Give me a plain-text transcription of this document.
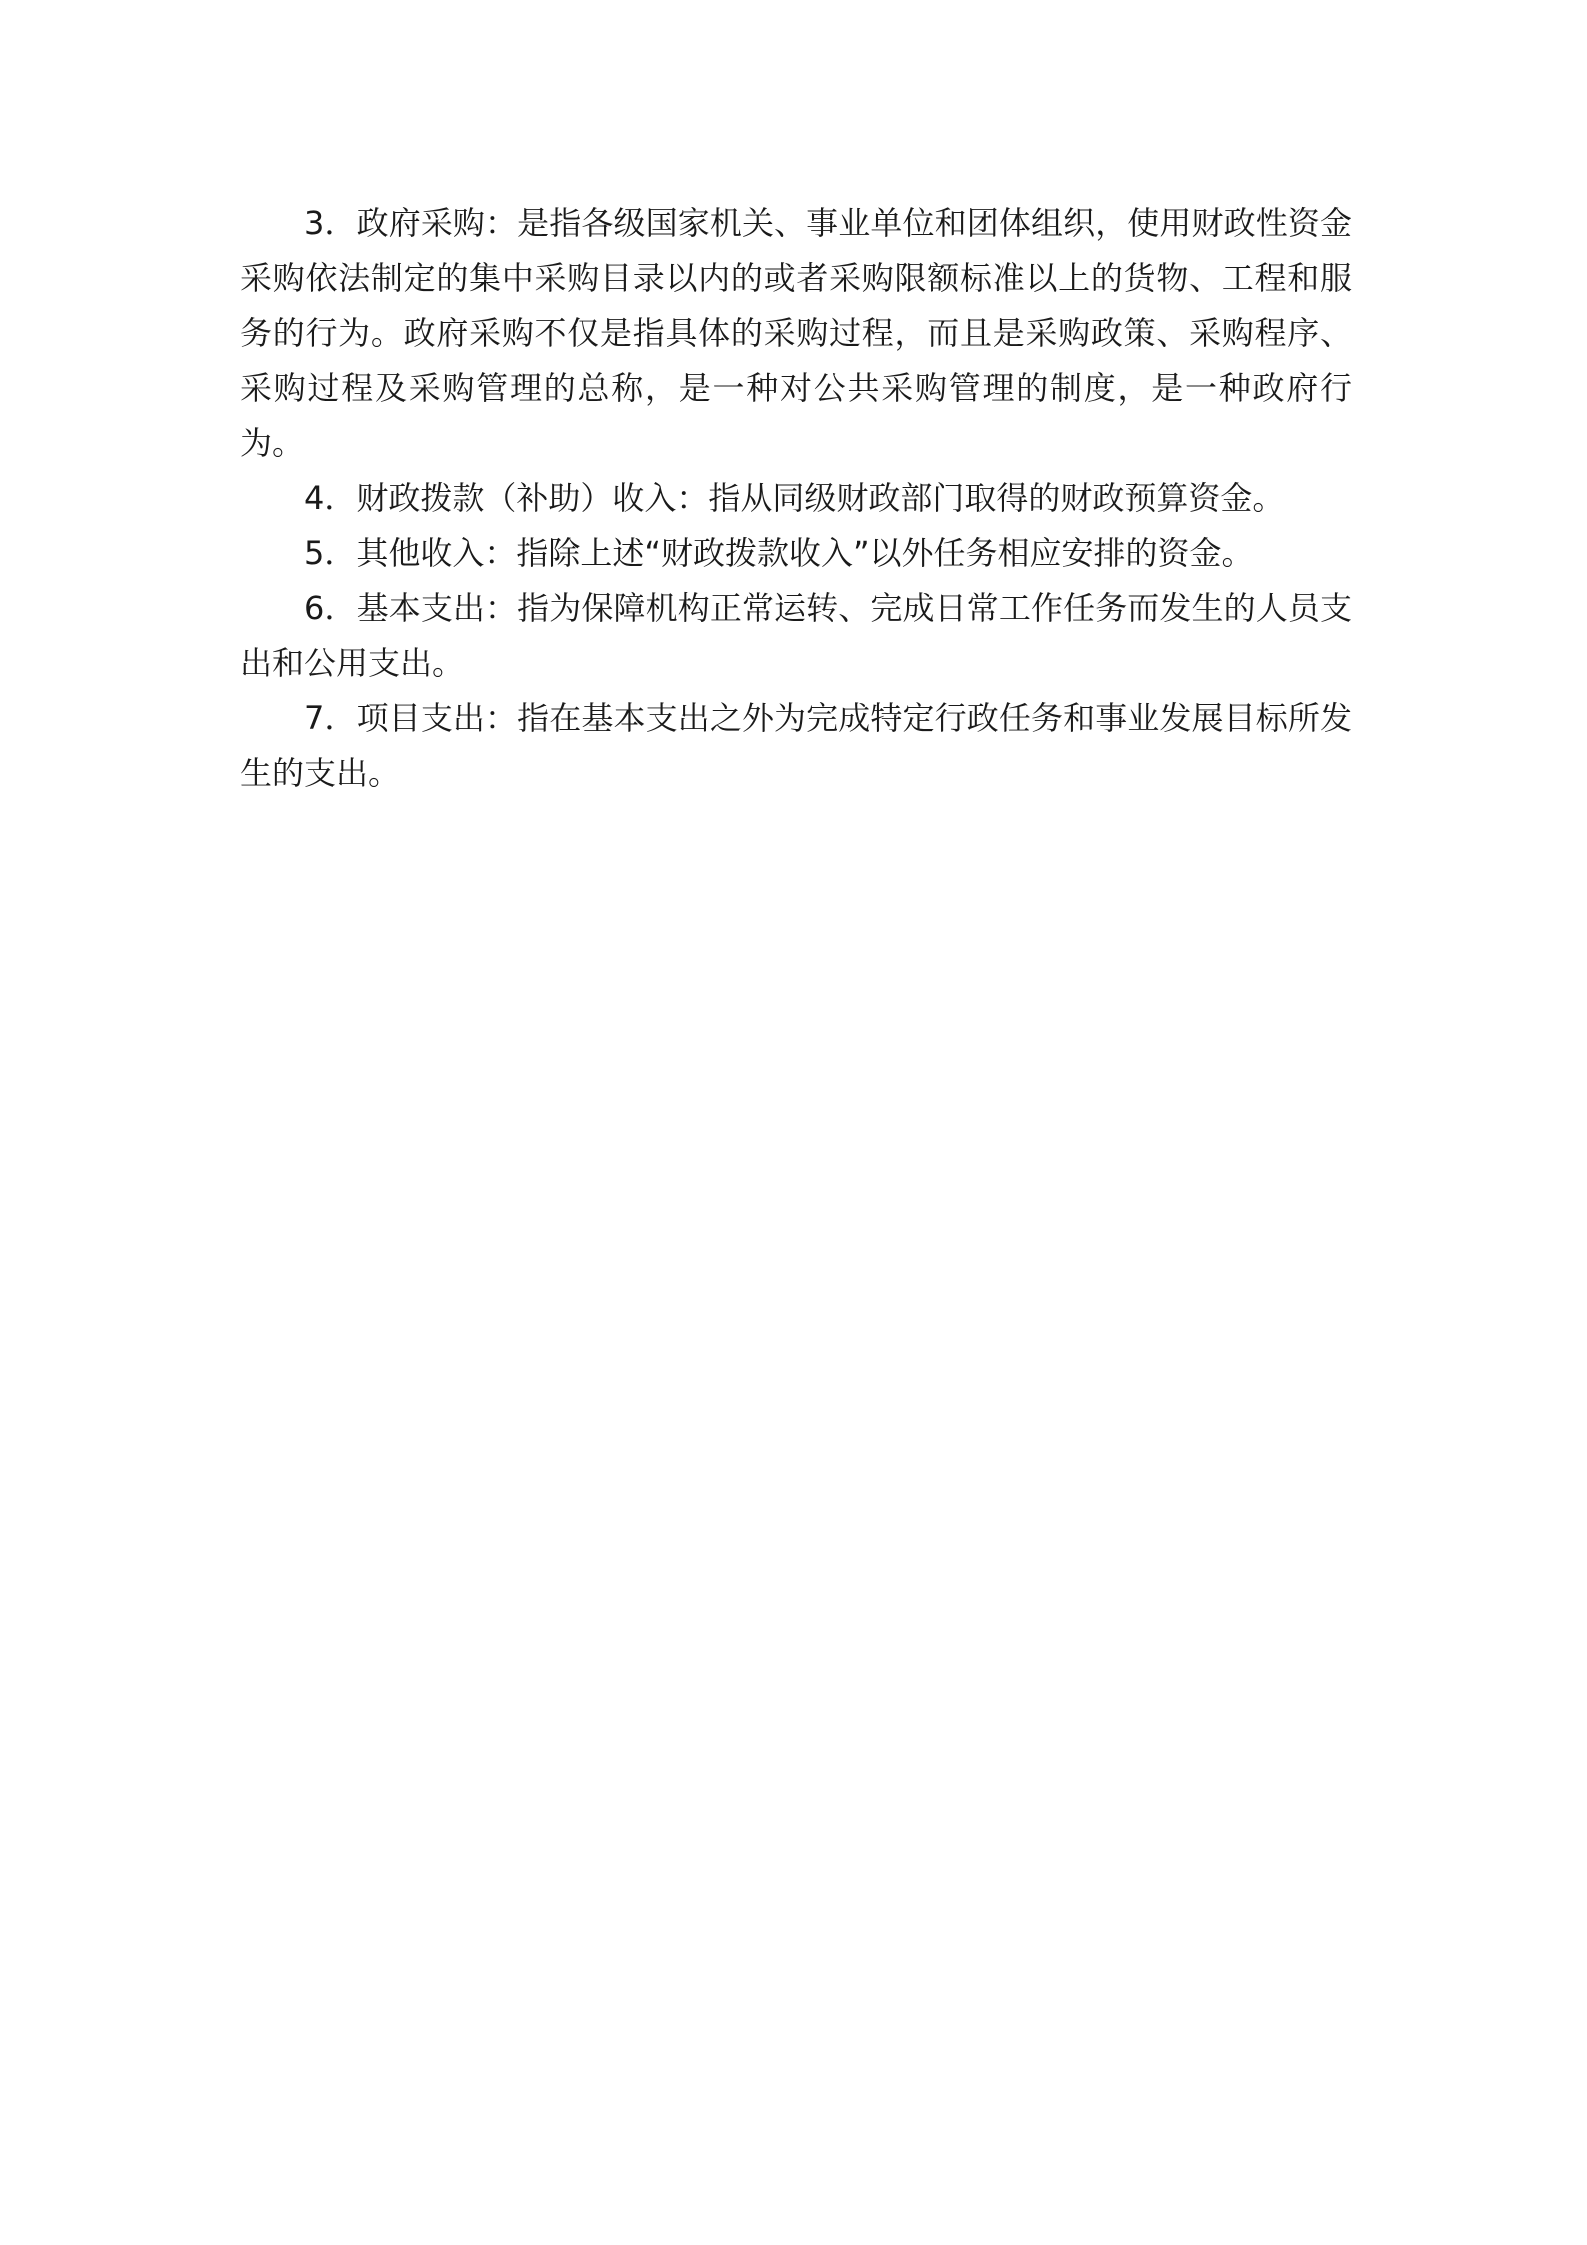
3．政府采购：是指各级国家机关、事业单位和团体组织，使用财政性资金采购依法制定的集中采购目录以内的或者采购限额标准以上的货物、工程和服务的行为。政府采购不仅是指具体的采购过程，而且是采购政策、采购程序、采购过程及采购管理的总称，是一种对公共采购管理的制度，是一种政府行为。

4．财政拨款（补助）收入：指从同级财政部门取得的财政预算资金。

5．其他收入：指除上述“财政拨款收入”以外任务相应安排的资金。

6．基本支出：指为保障机构正常运转、完成日常工作任务而发生的人员支出和公用支出。

7．项目支出：指在基本支出之外为完成特定行政任务和事业发展目标所发生的支出。
